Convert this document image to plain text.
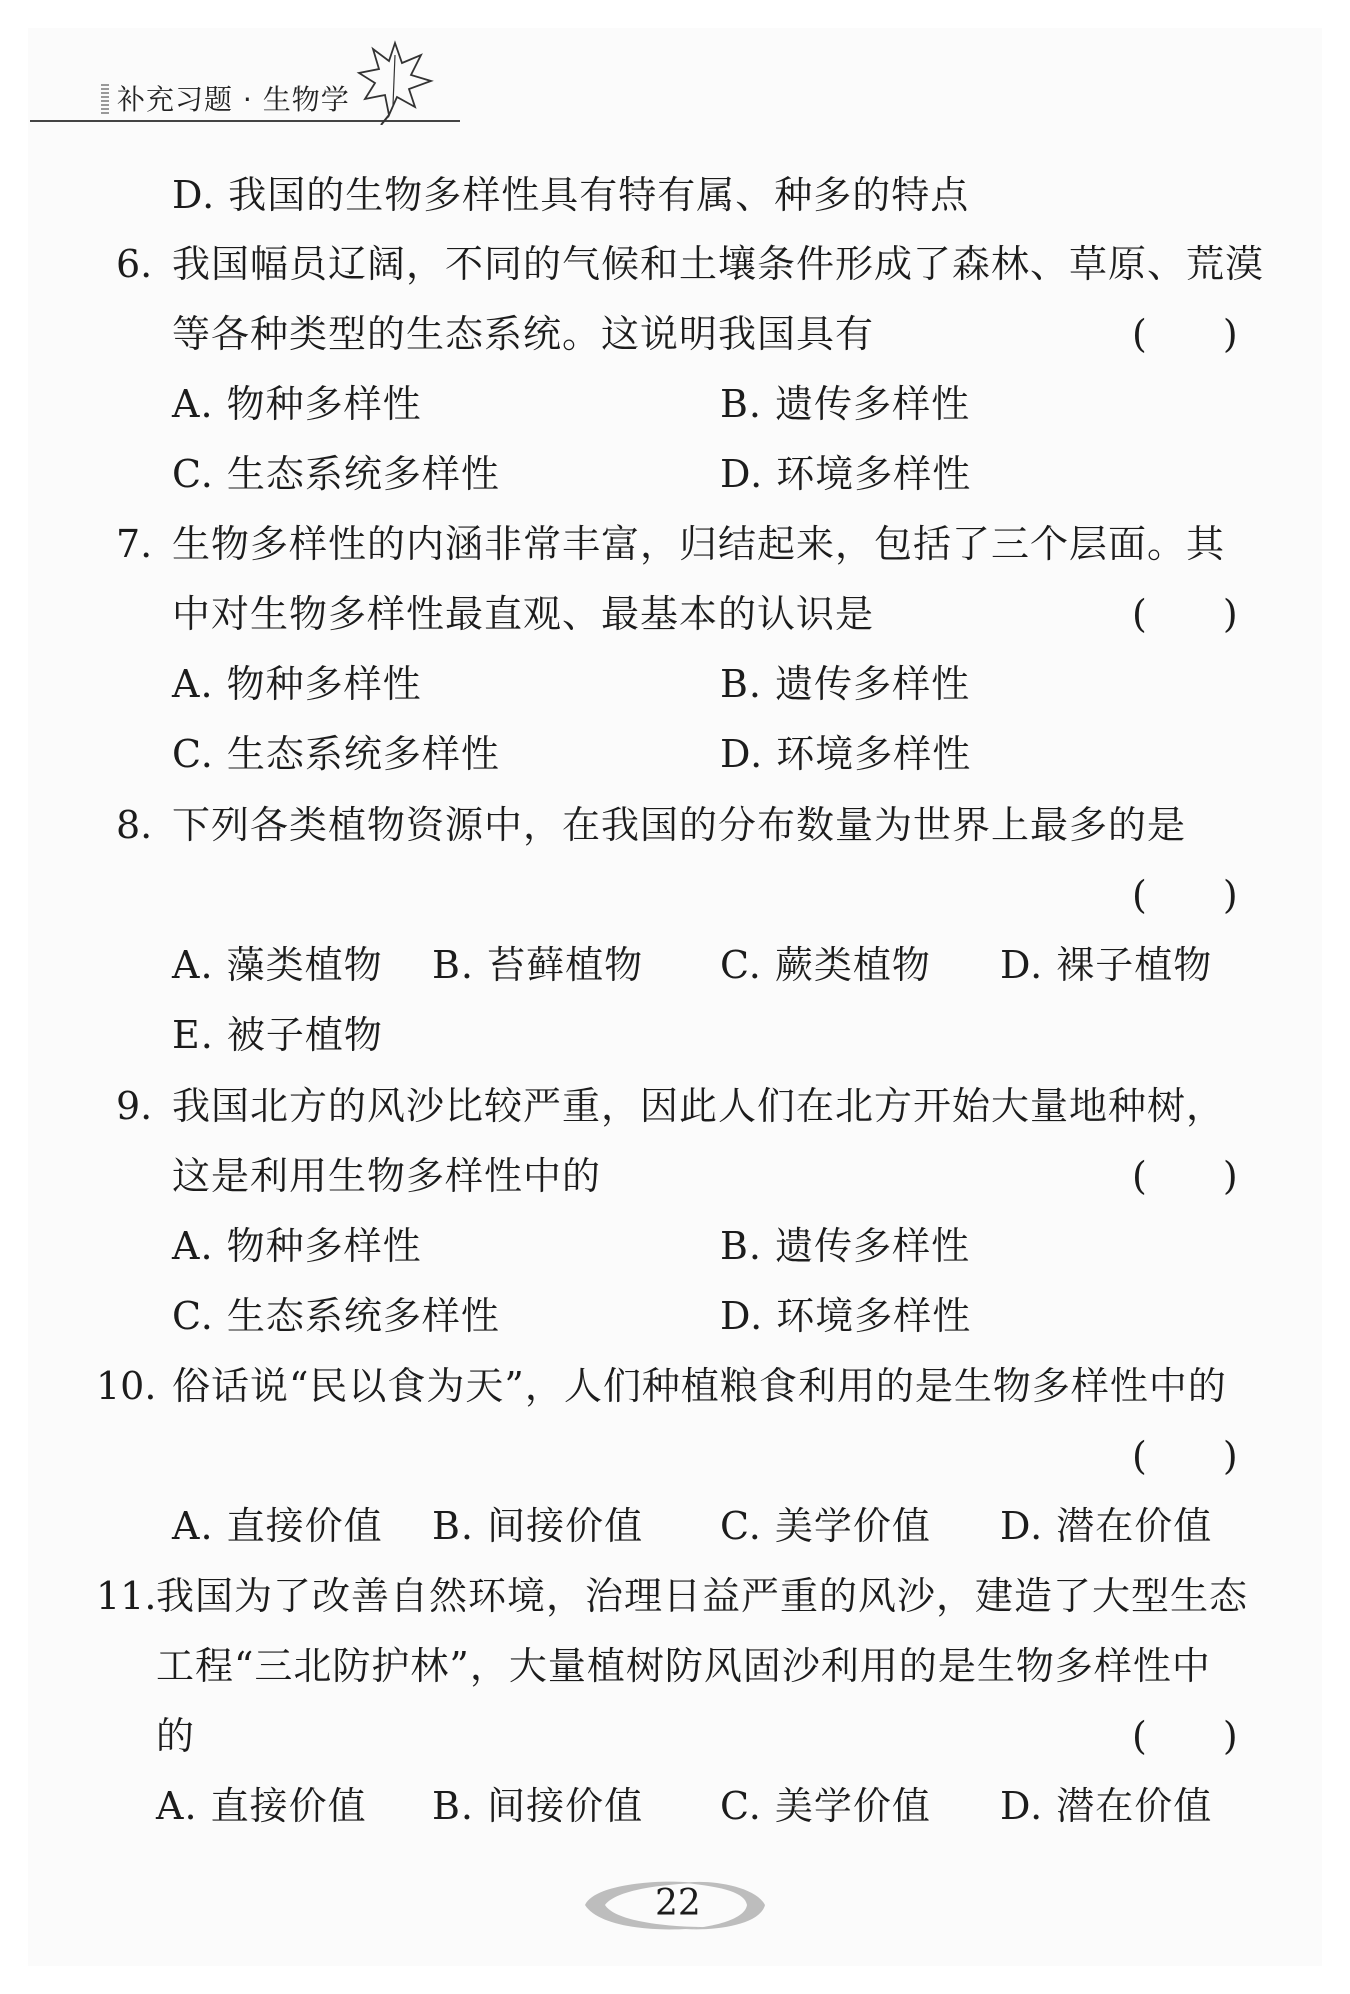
补充习题 · 生物学
D. 我国的生物多样性具有特有属、种多的特点
6. 我国幅员辽阔，不同的气候和土壤条件形成了森林、草原、荒漠
等各种类型的生态系统。这说明我国具有	(　　)
A. 物种多样性	B. 遗传多样性
C. 生态系统多样性	D. 环境多样性
7. 生物多样性的内涵非常丰富，归结起来，包括了三个层面。其
中对生物多样性最直观、最基本的认识是	(　　)
A. 物种多样性	B. 遗传多样性
C. 生态系统多样性	D. 环境多样性
8. 下列各类植物资源中，在我国的分布数量为世界上最多的是
(　　)
A. 藻类植物 B. 苔藓植物 C. 蕨类植物 D. 裸子植物
E. 被子植物
9. 我国北方的风沙比较严重，因此人们在北方开始大量地种树，
这是利用生物多样性中的	(　　)
A. 物种多样性	B. 遗传多样性
C. 生态系统多样性	D. 环境多样性
10. 俗话说“民以食为天”，人们种植粮食利用的是生物多样性中的
(　　)
A. 直接价值 B. 间接价值 C. 美学价值 D. 潜在价值
11. 我国为了改善自然环境，治理日益严重的风沙，建造了大型生态
工程“三北防护林”，大量植树防风固沙利用的是生物多样性中
的	(　　)
A. 直接价值 B. 间接价值 C. 美学价值 D. 潜在价值
22
